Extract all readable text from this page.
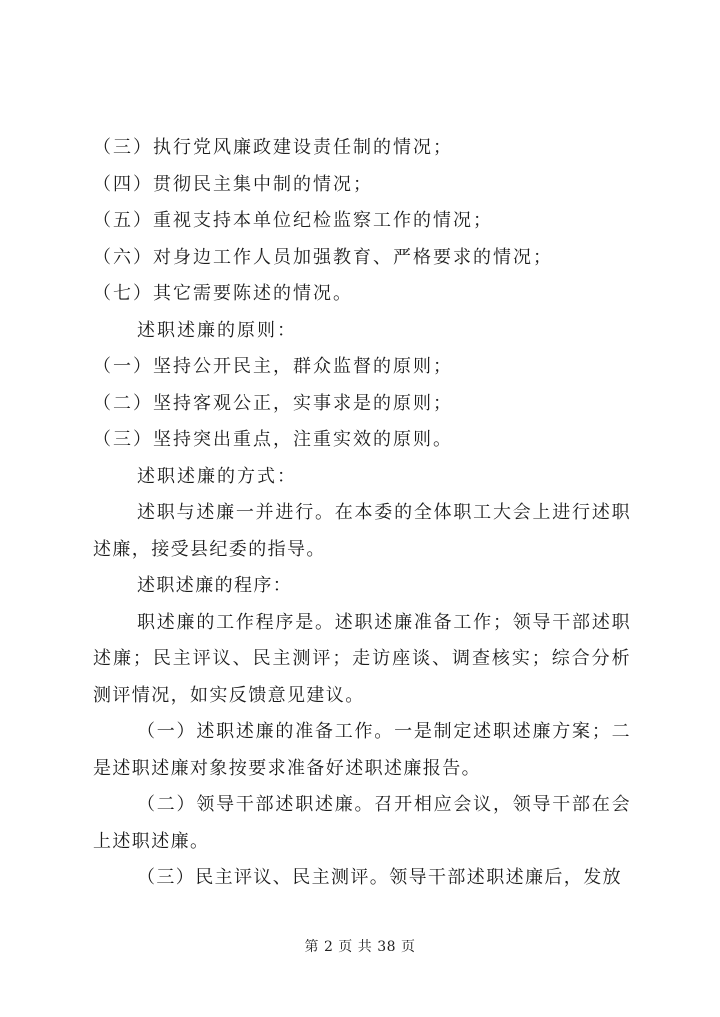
（三）执行党风廉政建设责任制的情况；
（四）贯彻民主集中制的情况；
（五）重视支持本单位纪检监察工作的情况；
（六）对身边工作人员加强教育、严格要求的情况；
（七）其它需要陈述的情况。
述职述廉的原则：
（一）坚持公开民主，群众监督的原则；
（二）坚持客观公正，实事求是的原则；
（三）坚持突出重点，注重实效的原则。
述职述廉的方式：
述职与述廉一并进行。在本委的全体职工大会上进行述职述廉，接受县纪委的指导。
述职述廉的程序：
职述廉的工作程序是。述职述廉准备工作；领导干部述职述廉；民主评议、民主测评；走访座谈、调查核实；综合分析测评情况，如实反馈意见建议。
（一）述职述廉的准备工作。一是制定述职述廉方案；二是述职述廉对象按要求准备好述职述廉报告。
（二）领导干部述职述廉。召开相应会议，领导干部在会上述职述廉。
（三）民主评议、民主测评。领导干部述职述廉后，发放
第 2 页 共 38 页
